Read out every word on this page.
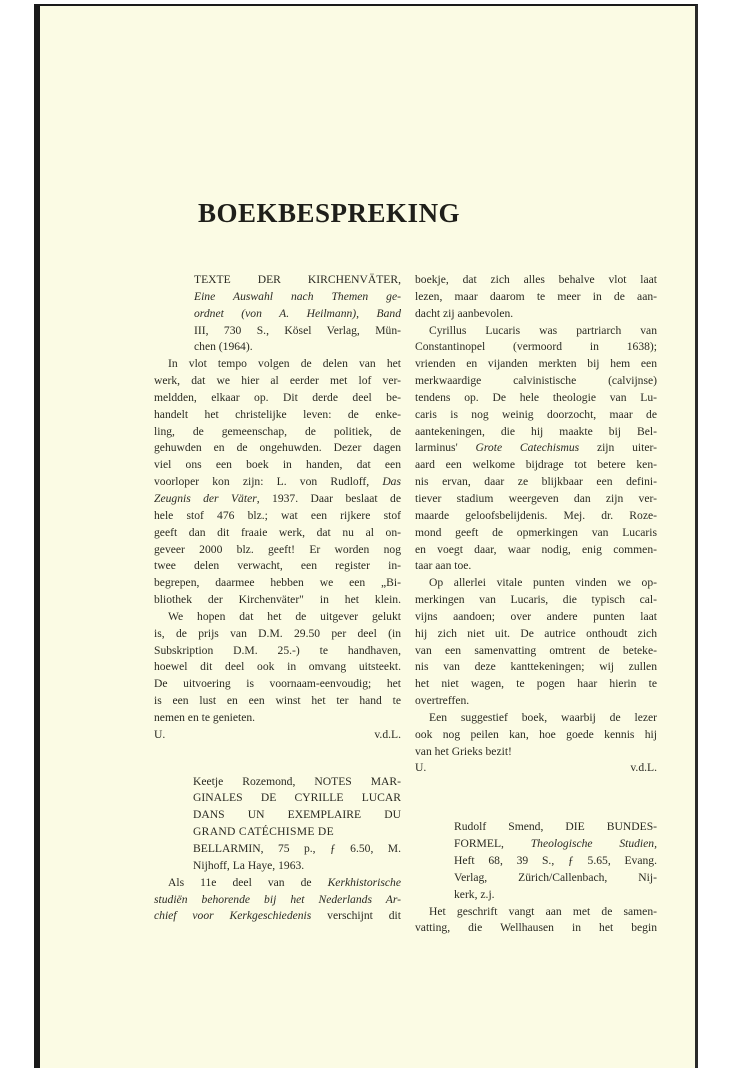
BOEKBESPREKING
TEXTE DER KIRCHENVÄTER,
Eine Auswahl nach Themen ge-
ordnet (von A. Heilmann), Band
III, 730 S., Kösel Verlag, Mün-
chen (1964).
In vlot tempo volgen de delen van het
werk, dat we hier al eerder met lof ver-
meldden, elkaar op. Dit derde deel be-
handelt het christelijke leven: de enke-
ling, de gemeenschap, de politiek, de
gehuwden en de ongehuwden. Dezer dagen
viel ons een boek in handen, dat een
voorloper kon zijn: L. von Rudloff, Das
Zeugnis der Väter, 1937. Daar beslaat de
hele stof 476 blz.; wat een rijkere stof
geeft dan dit fraaie werk, dat nu al on-
geveer 2000 blz. geeft! Er worden nog
twee delen verwacht, een register in-
begrepen, daarmee hebben we een „Bi-
bliothek der Kirchenväter" in het klein.
We hopen dat het de uitgever gelukt
is, de prijs van D.M. 29.50 per deel (in
Subskription D.M. 25.-) te handhaven,
hoewel dit deel ook in omvang uitsteekt.
De uitvoering is voornaam-eenvoudig; het
is een lust en een winst het ter hand te
nemen en te genieten.
U.	v.d.L.
Keetje Rozemond, NOTES MAR-
GINALES DE CYRILLE LUCAR
DANS UN EXEMPLAIRE DU
GRAND CATÉCHISME DE
BELLARMIN, 75 p., ƒ 6.50, M.
Nijhoff, La Haye, 1963.
Als 11e deel van de Kerkhistorische
studiën behorende bij het Nederlands Ar-
chief voor Kerkgeschiedenis verschijnt dit
boekje, dat zich alles behalve vlot laat
lezen, maar daarom te meer in de aan-
dacht zij aanbevolen.
Cyrillus Lucaris was partriarch van
Constantinopel (vermoord in 1638);
vrienden en vijanden merkten bij hem een
merkwaardige calvinistische (calvijnse)
tendens op. De hele theologie van Lu-
caris is nog weinig doorzocht, maar de
aantekeningen, die hij maakte bij Bel-
larminus' Grote Catechismus zijn uiter-
aard een welkome bijdrage tot betere ken-
nis ervan, daar ze blijkbaar een defini-
tiever stadium weergeven dan zijn ver-
maarde geloofsbelijdenis. Mej. dr. Roze-
mond geeft de opmerkingen van Lucaris
en voegt daar, waar nodig, enig commen-
taar aan toe.
Op allerlei vitale punten vinden we op-
merkingen van Lucaris, die typisch cal-
vijns aandoen; over andere punten laat
hij zich niet uit. De autrice onthoudt zich
van een samenvatting omtrent de beteke-
nis van deze kanttekeningen; wij zullen
het niet wagen, te pogen haar hierin te
overtreffen.
Een suggestief boek, waarbij de lezer
ook nog peilen kan, hoe goede kennis hij
van het Grieks bezit!
U.	v.d.L.
Rudolf Smend, DIE BUNDES-
FORMEL, Theologische Studien,
Heft 68, 39 S., ƒ 5.65, Evang.
Verlag, Zürich/Callenbach, Nij-
kerk, z.j.
Het geschrift vangt aan met de samen-
vatting, die Wellhausen in het begin
